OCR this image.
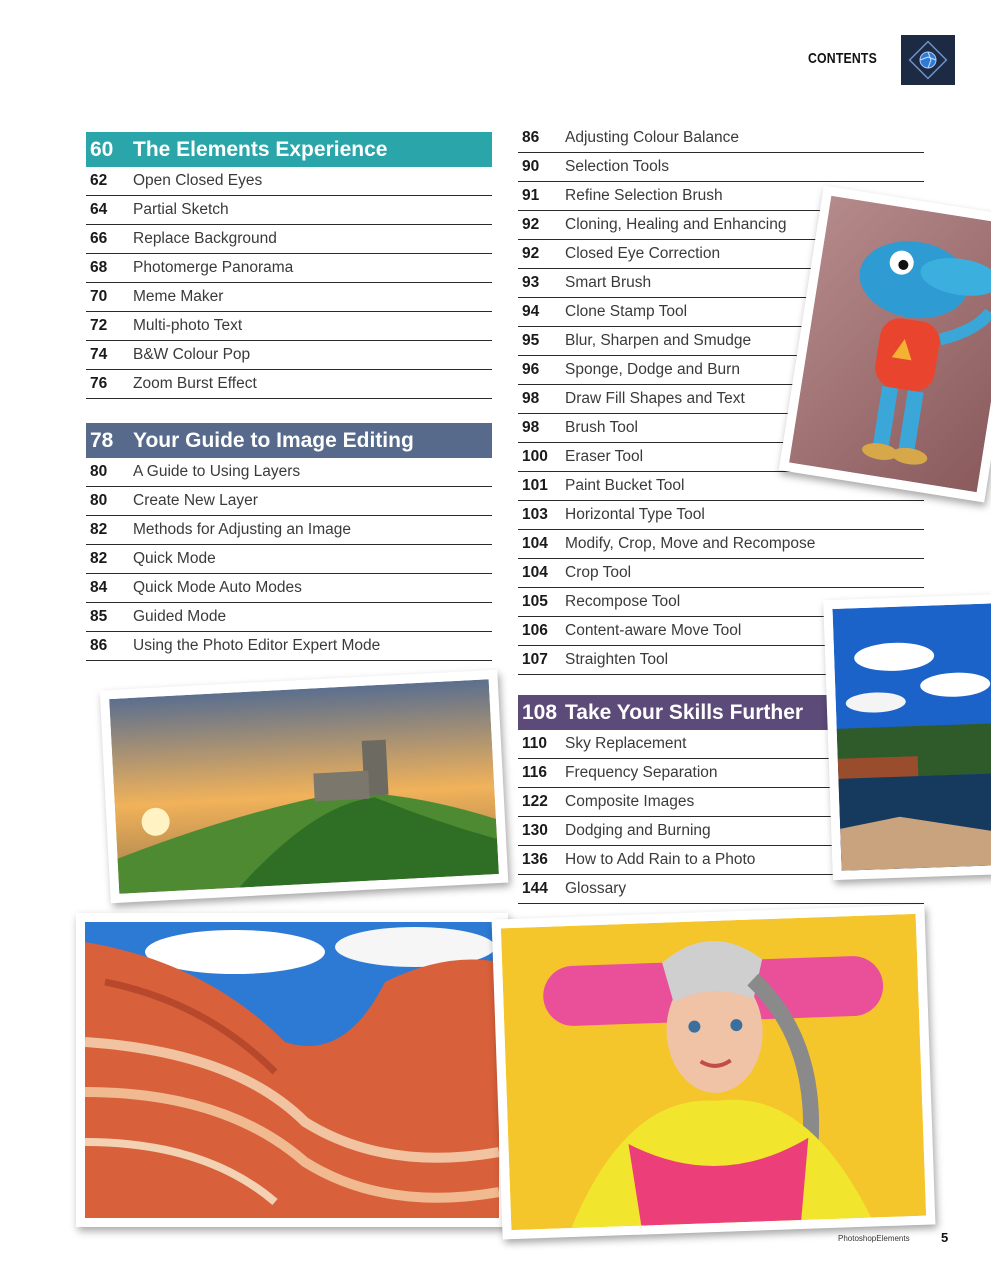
CONTENTS
60 The Elements Experience
62	Open Closed Eyes
64	Partial Sketch
66	Replace Background
68	Photomerge Panorama
70	Meme Maker
72	Multi-photo Text
74	B&W Colour Pop
76	Zoom Burst Effect
78 Your Guide to Image Editing
80	A Guide to Using Layers
80	Create New Layer
82	Methods for Adjusting an Image
82	Quick Mode
84	Quick Mode Auto Modes
85	Guided Mode
86	Using the Photo Editor Expert Mode
86	Adjusting Colour Balance
90	Selection Tools
91	Refine Selection Brush
92	Cloning, Healing and Enhancing
92	Closed Eye Correction
93	Smart Brush
94	Clone Stamp Tool
95	Blur, Sharpen and Smudge
96	Sponge, Dodge and Burn
98	Draw Fill Shapes and Text
98	Brush Tool
100	Eraser Tool
101	Paint Bucket Tool
103	Horizontal Type Tool
104	Modify, Crop, Move and Recompose
104	Crop Tool
105	Recompose Tool
106	Content-aware Move Tool
107	Straighten Tool
108 Take Your Skills Further
110	Sky Replacement
116	Frequency Separation
122	Composite Images
130	Dodging and Burning
136	How to Add Rain to a Photo
144	Glossary
PhotoshopElements 5
